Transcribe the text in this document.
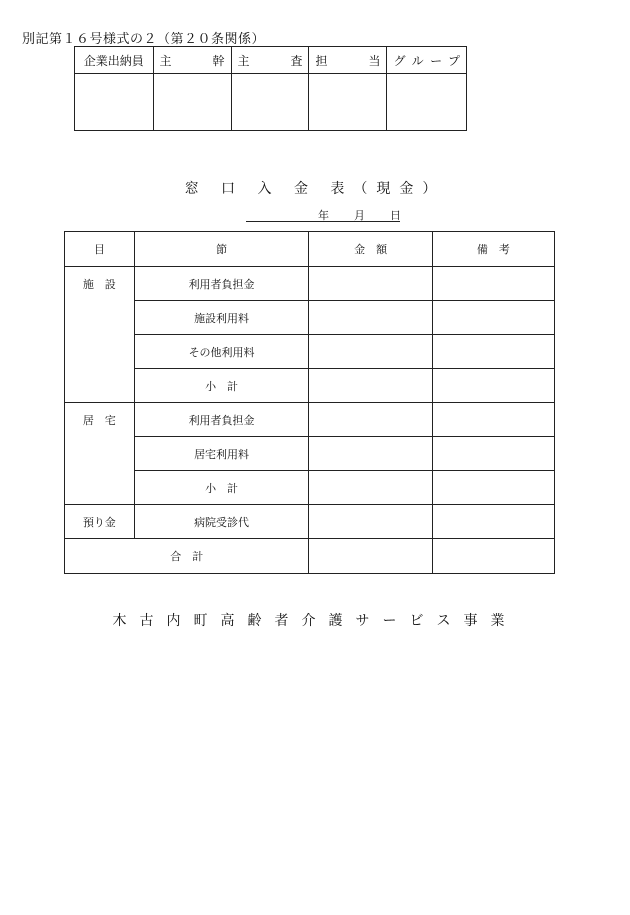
別記第１６号様式の２（第２０条関係）
企業出納員	主幹	主査	担当	グループ

窓 口 入 金 表（現金）
年 月 日
目	節	金　額	備　考
施　設	利用者負担金		
	施設利用料		
	その他利用料		
	小　計		
居　宅	利用者負担金		
	居宅利用料		
	小　計		
預り金	病院受診代		
合　計			
木古内町高齢者介護サービス事業
